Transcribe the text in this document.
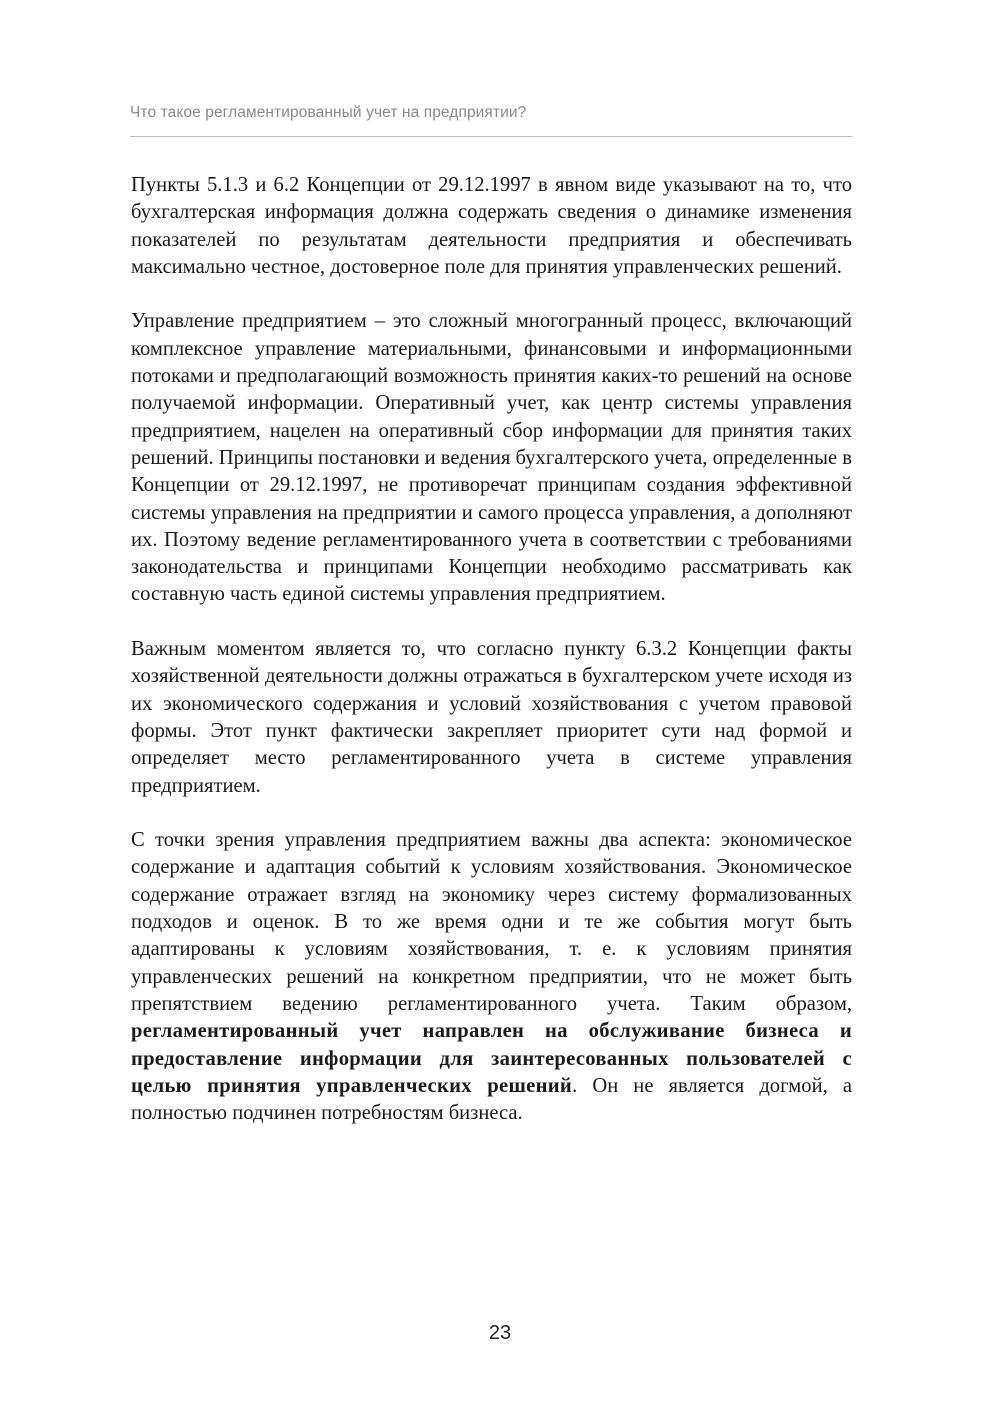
Что такое регламентированный учет на предприятии?

Пункты 5.1.3 и 6.2 Концепции от 29.12.1997 в явном виде указывают на то, что бухгалтерская информация должна содержать сведения о динамике изменения показателей по результатам деятельности предприятия и обеспечивать максимально честное, достоверное поле для принятия управленческих решений.

Управление предприятием – это сложный многогранный процесс, включающий комплексное управление материальными, финансовыми и информационными потоками и предполагающий возможность принятия каких-то решений на основе получаемой информации. Оперативный учет, как центр системы управления предприятием, нацелен на оперативный сбор информации для принятия таких решений. Принципы постановки и ведения бухгалтерского учета, определенные в Концепции от 29.12.1997, не противоречат принципам создания эффективной системы управления на предприятии и самого процесса управления, а дополняют их. Поэтому ведение регламентированного учета в соответствии с требованиями законодательства и принципами Концепции необходимо рассматривать как составную часть единой системы управления предприятием.

Важным моментом является то, что согласно пункту 6.3.2 Концепции факты хозяйственной деятельности должны отражаться в бухгалтерском учете исходя из их экономического содержания и условий хозяйствования с учетом правовой формы. Этот пункт фактически закрепляет приоритет сути над формой и определяет место регламентированного учета в системе управления предприятием.

С точки зрения управления предприятием важны два аспекта: экономическое содержание и адаптация событий к условиям хозяйствования. Экономическое содержание отражает взгляд на экономику через систему формализованных подходов и оценок. В то же время одни и те же события могут быть адаптированы к условиям хозяйствования, т. е. к условиям принятия управленческих решений на конкретном предприятии, что не может быть препятствием ведению регламентированного учета. Таким образом, регламентированный учет направлен на обслуживание бизнеса и предоставление информации для заинтересованных пользователей с целью принятия управленческих решений. Он не является догмой, а полностью подчинен потребностям бизнеса.

23
